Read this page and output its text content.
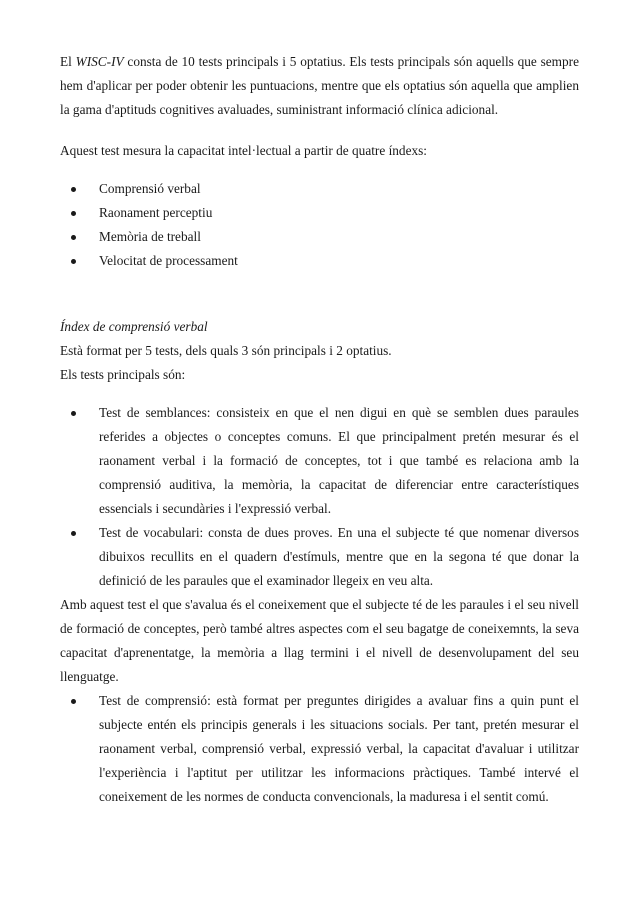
El WISC-IV consta de 10 tests principals i 5 optatius. Els tests principals són aquells que sempre hem d'aplicar per poder obtenir les puntuacions, mentre que els optatius són aquella que amplien la gama d'aptituds cognitives avaluades, suministrant informació clínica adicional.

Aquest test mesura la capacitat intel·lectual a partir de quatre índexs:

Comprensió verbal
Raonament perceptiu
Memòria de treball
Velocitat de processament

Índex de comprensió verbal

Està format per 5 tests, dels quals 3 són principals i 2 optatius.

Els tests principals són:

Test de semblances: consisteix en que el nen digui en què se semblen dues paraules referides a objectes o conceptes comuns. El que principalment pretén mesurar és el raonament verbal i la formació de conceptes, tot i que també es relaciona amb la comprensió auditiva, la memòria, la capacitat de diferenciar entre característiques essencials i secundàries i l'expressió verbal.
Test de vocabulari: consta de dues proves. En una el subjecte té que nomenar diversos dibuixos recullits en el quadern d'estímuls, mentre que en la segona té que donar la definició de les paraules que el examinador llegeix en veu alta.

Amb aquest test el que s'avalua és el coneixement que el subjecte té de les paraules i el seu nivell de formació de conceptes, però també altres aspectes com el seu bagatge de coneixemnts, la seva capacitat d'aprenentatge, la memòria a llag termini i el nivell de desenvolupament del seu llenguatge.

Test de comprensió: està format per preguntes dirigides a avaluar fins a quin punt el subjecte entén els principis generals i les situacions socials. Per tant, pretén mesurar el raonament verbal, comprensió verbal, expressió verbal, la capacitat d'avaluar i utilitzar l'experiència i l'aptitut per utilitzar les informacions pràctiques. També intervé el coneixement de les normes de conducta convencionals, la maduresa i el sentit comú.
